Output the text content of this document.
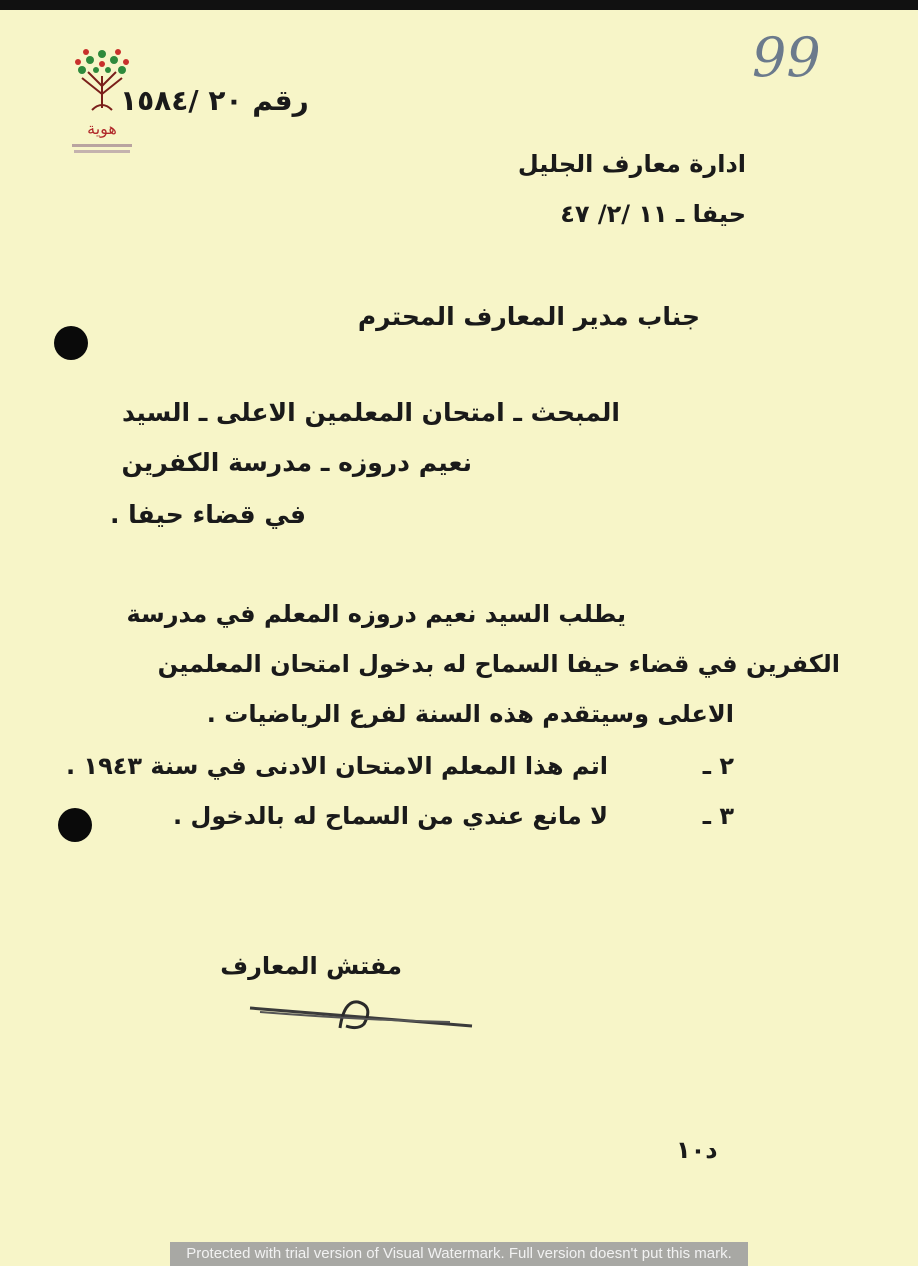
هوية
رقم ٢٠ /١٥٨٤
99
ادارة معارف الجليل
حيفا ـ ١١ /٢/ ٤٧
جناب مدير المعارف المحترم
المبحث ـ امتحان المعلمين الاعلى ـ السيد
نعيم دروزه ـ مدرسة الكفرين
في قضاء حيفا .
يطلب السيد نعيم دروزه المعلم في مدرسة
الكفرين في قضاء حيفا السماح له بدخول امتحان المعلمين
الاعلى وسيتقدم هذه السنة لفرع الرياضيات .
٢ ـ
اتم هذا المعلم الامتحان الادنى في سنة ١٩٤٣ .
٣ ـ
لا مانع عندي من السماح له بالدخول .
مفتش المعارف
د١٠
Protected with trial version of Visual Watermark. Full version doesn't put this mark.
